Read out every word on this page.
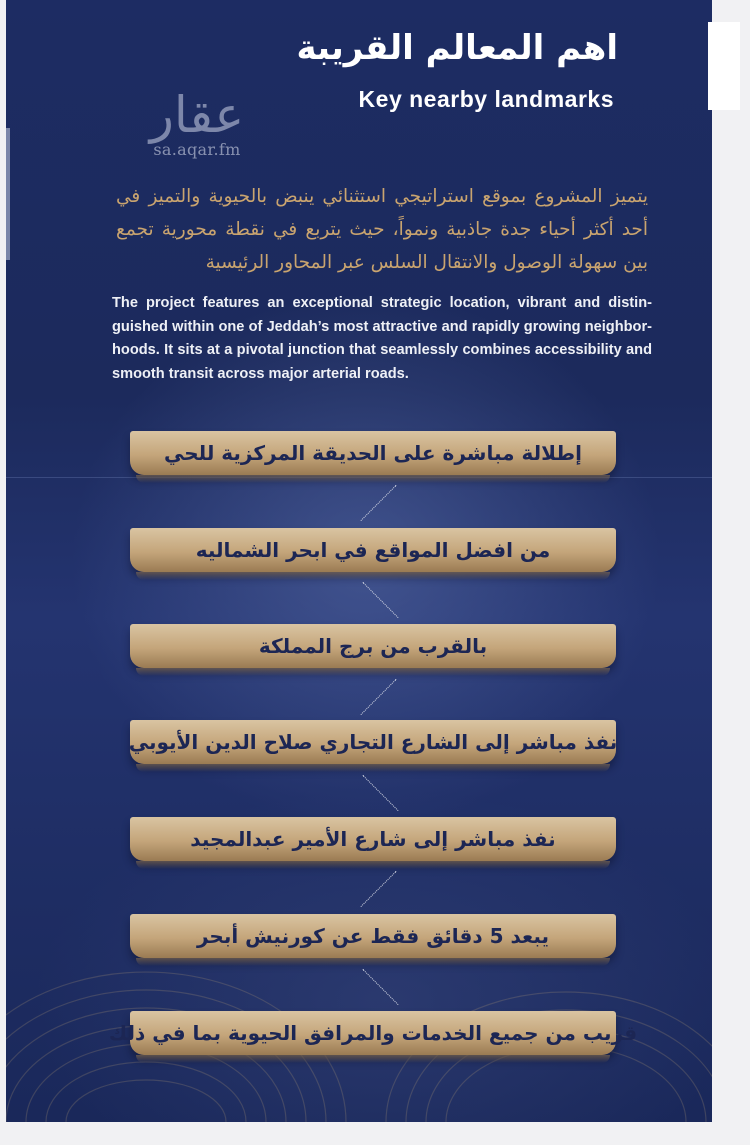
عقار
sa.aqar.fm
اهم المعالم القريبة
Key nearby landmarks
يتميز المشروع بموقع استراتيجي استثنائي ينبض بالحيوية والتميز في أحد أكثر أحياء جدة جاذبية ونمواً، حيث يتربع في نقطة محورية تجمع بين سهولة الوصول والانتقال السلس عبر المحاور الرئيسية
The project features an exceptional strategic location, vibrant and distin-guished within one of Jeddah’s most attractive and rapidly growing neighbor-hoods. It sits at a pivotal junction that seamlessly combines accessibility and smooth transit across major arterial roads.
إطلالة مباشرة على الحديقة المركزية للحي
من افضل المواقع في ابحر الشماليه
بالقرب من برج المملكة
نفذ مباشر إلى الشارع التجاري صلاح الدين الأيوبي
نفذ مباشر إلى شارع الأمير عبدالمجيد
يبعد 5 دقائق فقط عن كورنيش أبحر
قريب من جميع الخدمات والمرافق الحيوية بما في ذلك
